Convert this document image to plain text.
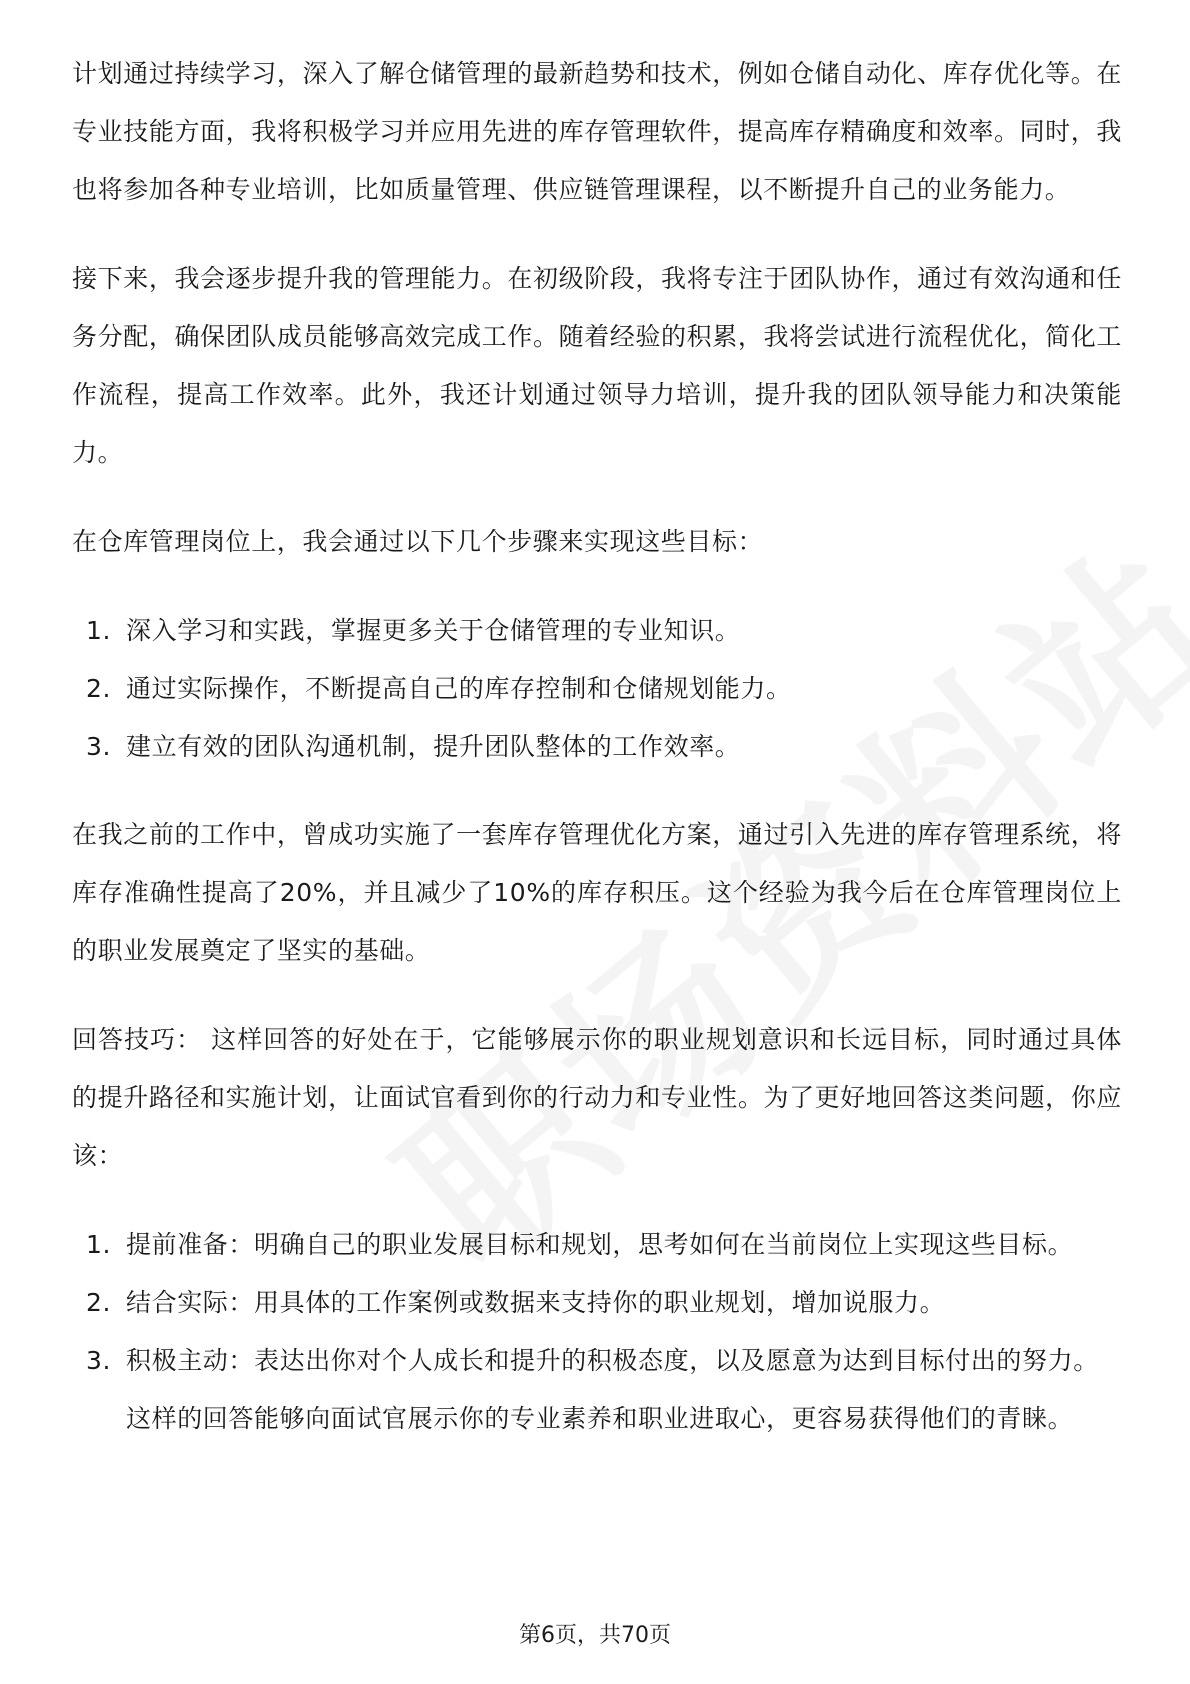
计划通过持续学习，深入了解仓储管理的最新趋势和技术，例如仓储自动化、库存优化等。在专业技能方面，我将积极学习并应用先进的库存管理软件，提高库存精确度和效率。同时，我也将参加各种专业培训，比如质量管理、供应链管理课程，以不断提升自己的业务能力。

接下来，我会逐步提升我的管理能力。在初级阶段，我将专注于团队协作，通过有效沟通和任务分配，确保团队成员能够高效完成工作。随着经验的积累，我将尝试进行流程优化，简化工作流程，提高工作效率。此外，我还计划通过领导力培训，提升我的团队领导能力和决策能力。

在仓库管理岗位上，我会通过以下几个步骤来实现这些目标：

1. 深入学习和实践，掌握更多关于仓储管理的专业知识。
2. 通过实际操作，不断提高自己的库存控制和仓储规划能力。
3. 建立有效的团队沟通机制，提升团队整体的工作效率。

在我之前的工作中，曾成功实施了一套库存管理优化方案，通过引入先进的库存管理系统，将库存准确性提高了20%，并且减少了10%的库存积压。这个经验为我今后在仓库管理岗位上的职业发展奠定了坚实的基础。

回答技巧： 这样回答的好处在于，它能够展示你的职业规划意识和长远目标，同时通过具体的提升路径和实施计划，让面试官看到你的行动力和专业性。为了更好地回答这类问题，你应该：

1. 提前准备：明确自己的职业发展目标和规划，思考如何在当前岗位上实现这些目标。
2. 结合实际：用具体的工作案例或数据来支持你的职业规划，增加说服力。
3. 积极主动：表达出你对个人成长和提升的积极态度，以及愿意为达到目标付出的努力。 这样的回答能够向面试官展示你的专业素养和职业进取心，更容易获得他们的青睐。
第6页，共70页
